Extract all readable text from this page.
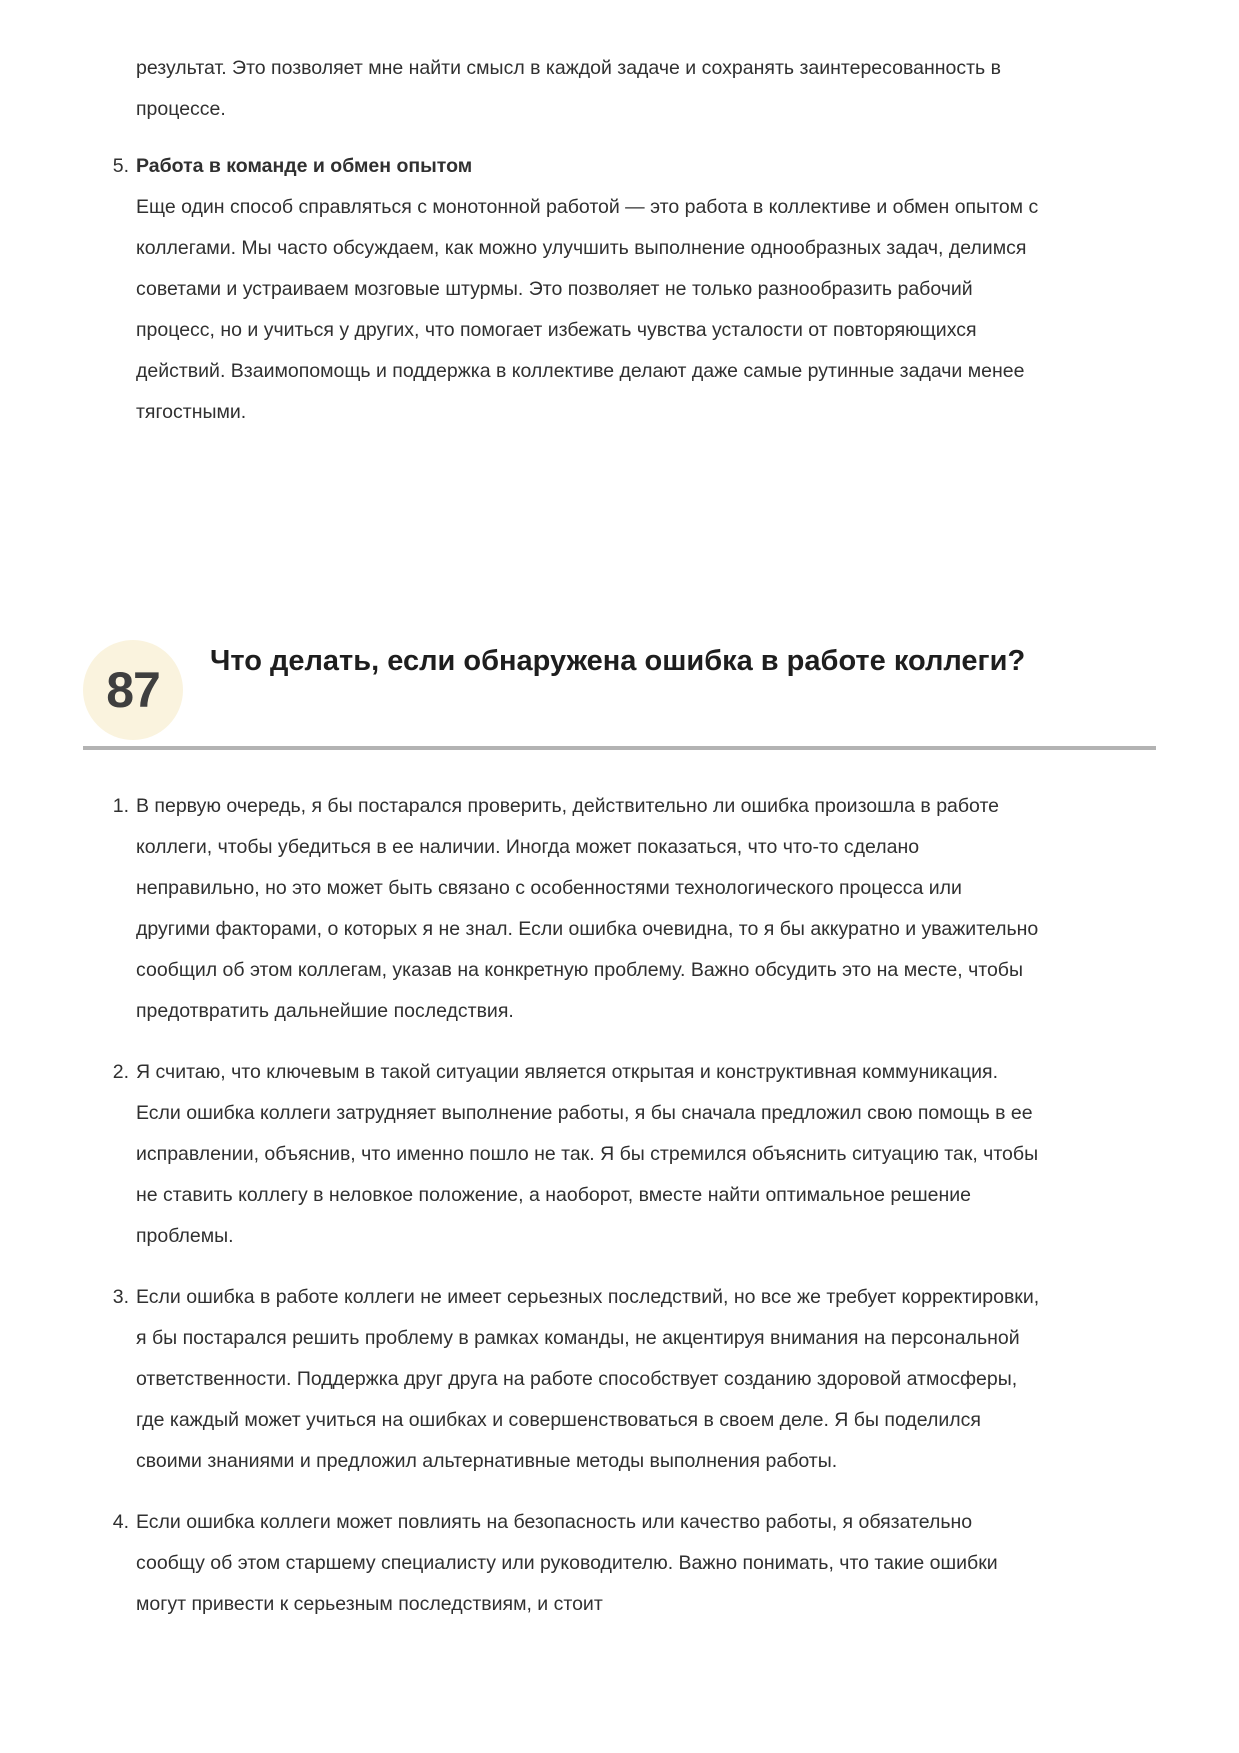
результат. Это позволяет мне найти смысл в каждой задаче и сохранять заинтересованность в процессе.

5. Работа в команде и обмен опытом
Еще один способ справляться с монотонной работой — это работа в коллективе и обмен опытом с коллегами. Мы часто обсуждаем, как можно улучшить выполнение однообразных задач, делимся советами и устраиваем мозговые штурмы. Это позволяет не только разнообразить рабочий процесс, но и учиться у других, что помогает избежать чувства усталости от повторяющихся действий. Взаимопомощь и поддержка в коллективе делают даже самые рутинные задачи менее тягостными.
87
Что делать, если обнаружена ошибка в работе коллеги?
1. В первую очередь, я бы постарался проверить, действительно ли ошибка произошла в работе коллеги, чтобы убедиться в ее наличии. Иногда может показаться, что что-то сделано неправильно, но это может быть связано с особенностями технологического процесса или другими факторами, о которых я не знал. Если ошибка очевидна, то я бы аккуратно и уважительно сообщил об этом коллегам, указав на конкретную проблему. Важно обсудить это на месте, чтобы предотвратить дальнейшие последствия.
2. Я считаю, что ключевым в такой ситуации является открытая и конструктивная коммуникация. Если ошибка коллеги затрудняет выполнение работы, я бы сначала предложил свою помощь в ее исправлении, объяснив, что именно пошло не так. Я бы стремился объяснить ситуацию так, чтобы не ставить коллегу в неловкое положение, а наоборот, вместе найти оптимальное решение проблемы.
3. Если ошибка в работе коллеги не имеет серьезных последствий, но все же требует корректировки, я бы постарался решить проблему в рамках команды, не акцентируя внимания на персональной ответственности. Поддержка друг друга на работе способствует созданию здоровой атмосферы, где каждый может учиться на ошибках и совершенствоваться в своем деле. Я бы поделился своими знаниями и предложил альтернативные методы выполнения работы.
4. Если ошибка коллеги может повлиять на безопасность или качество работы, я обязательно сообщу об этом старшему специалисту или руководителю. Важно понимать, что такие ошибки могут привести к серьезным последствиям, и стоит
